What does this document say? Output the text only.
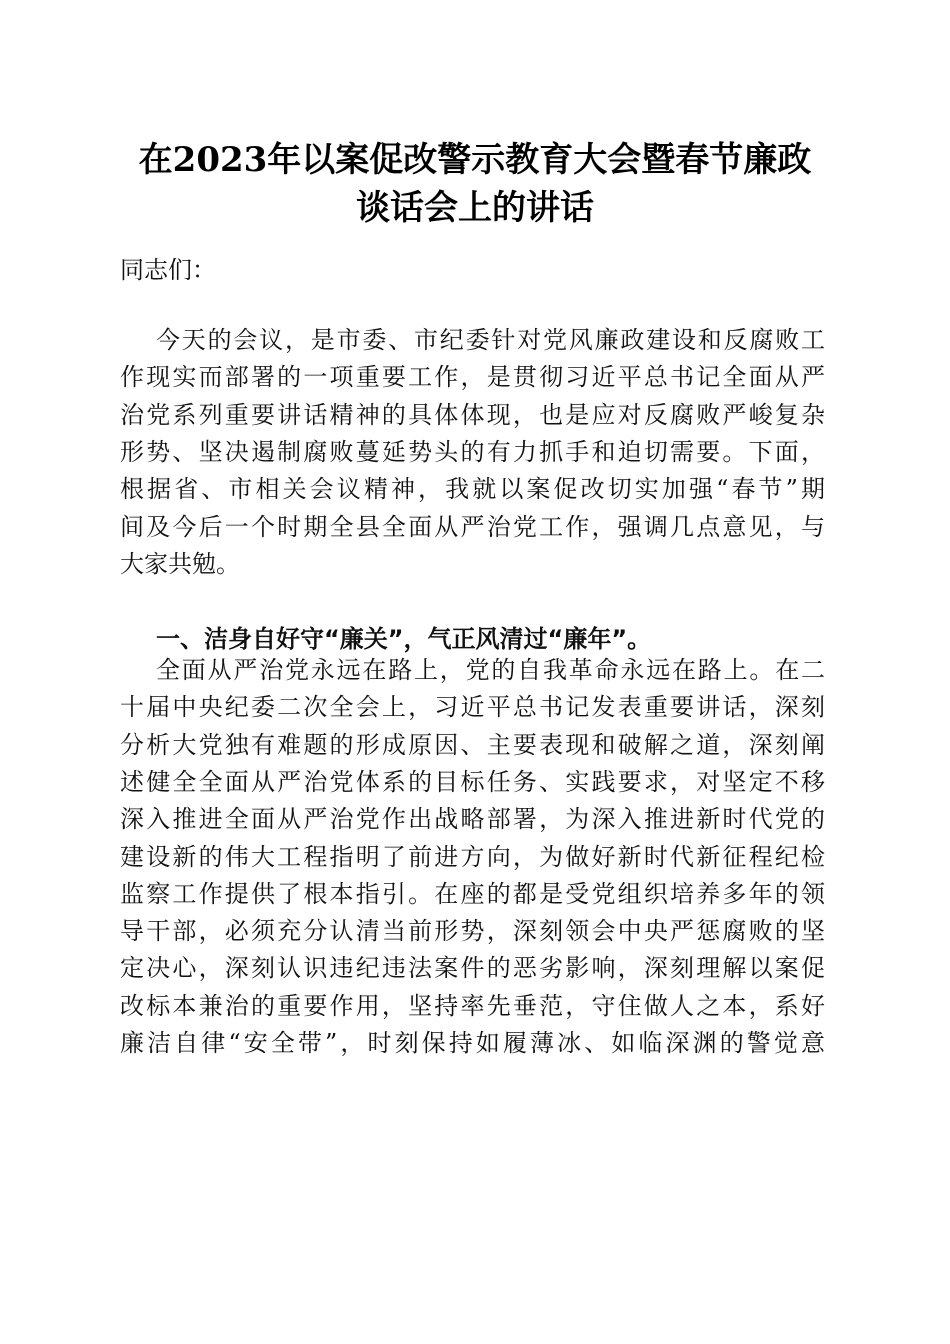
在2023年以案促改警示教育大会暨春节廉政
谈话会上的讲话
同志们：
今天的会议，是市委、市纪委针对党风廉政建设和反腐败工
作现实而部署的一项重要工作，是贯彻习近平总书记全面从严
治党系列重要讲话精神的具体体现，也是应对反腐败严峻复杂
形势、坚决遏制腐败蔓延势头的有力抓手和迫切需要。下面，
根据省、市相关会议精神，我就以案促改切实加强“春节”期
间及今后一个时期全县全面从严治党工作，强调几点意见，与
大家共勉。
一、洁身自好守“廉关”，气正风清过“廉年”。
全面从严治党永远在路上，党的自我革命永远在路上。在二
十届中央纪委二次全会上，习近平总书记发表重要讲话，深刻
分析大党独有难题的形成原因、主要表现和破解之道，深刻阐
述健全全面从严治党体系的目标任务、实践要求，对坚定不移
深入推进全面从严治党作出战略部署，为深入推进新时代党的
建设新的伟大工程指明了前进方向，为做好新时代新征程纪检
监察工作提供了根本指引。在座的都是受党组织培养多年的领
导干部，必须充分认清当前形势，深刻领会中央严惩腐败的坚
定决心，深刻认识违纪违法案件的恶劣影响，深刻理解以案促
改标本兼治的重要作用，坚持率先垂范，守住做人之本，系好
廉洁自律“安全带”，时刻保持如履薄冰、如临深渊的警觉意
